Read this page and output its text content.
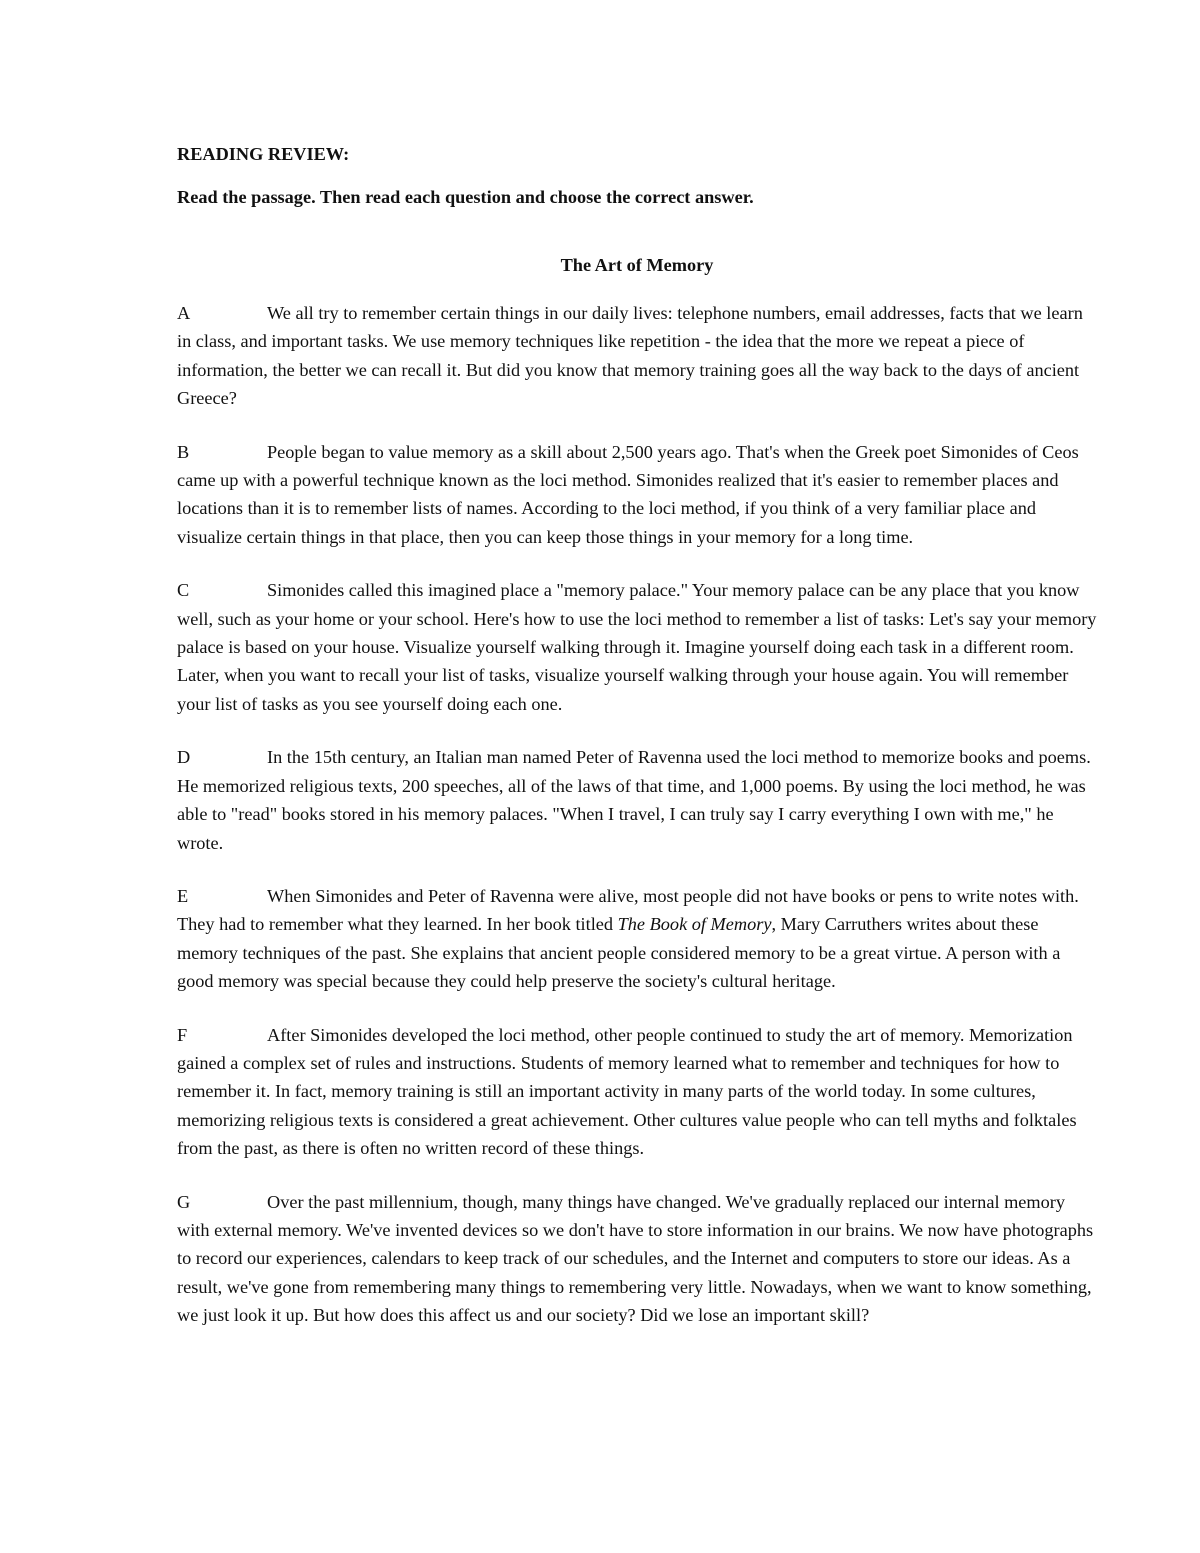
READING REVIEW:

Read the passage. Then read each question and choose the correct answer.

The Art of Memory

A	We all try to remember certain things in our daily lives: telephone numbers, email addresses, facts that we learn in class, and important tasks. We use memory techniques like repetition - the idea that the more we repeat a piece of information, the better we can recall it. But did you know that memory training goes all the way back to the days of ancient Greece?

B	People began to value memory as a skill about 2,500 years ago. That's when the Greek poet Simonides of Ceos came up with a powerful technique known as the loci method. Simonides realized that it's easier to remember places and locations than it is to remember lists of names. According to the loci method, if you think of a very familiar place and visualize certain things in that place, then you can keep those things in your memory for a long time.

C	Simonides called this imagined place a "memory palace." Your memory palace can be any place that you know well, such as your home or your school. Here's how to use the loci method to remember a list of tasks: Let's say your memory palace is based on your house. Visualize yourself walking through it. Imagine yourself doing each task in a different room. Later, when you want to recall your list of tasks, visualize yourself walking through your house again. You will remember your list of tasks as you see yourself doing each one.

D	In the 15th century, an Italian man named Peter of Ravenna used the loci method to memorize books and poems. He memorized religious texts, 200 speeches, all of the laws of that time, and 1,000 poems. By using the loci method, he was able to "read" books stored in his memory palaces. "When I travel, I can truly say I carry everything I own with me," he wrote.

E	When Simonides and Peter of Ravenna were alive, most people did not have books or pens to write notes with. They had to remember what they learned. In her book titled The Book of Memory, Mary Carruthers writes about these memory techniques of the past. She explains that ancient people considered memory to be a great virtue. A person with a good memory was special because they could help preserve the society's cultural heritage.

F	After Simonides developed the loci method, other people continued to study the art of memory. Memorization gained a complex set of rules and instructions. Students of memory learned what to remember and techniques for how to remember it. In fact, memory training is still an important activity in many parts of the world today. In some cultures, memorizing religious texts is considered a great achievement. Other cultures value people who can tell myths and folktales from the past, as there is often no written record of these things.

G	Over the past millennium, though, many things have changed. We've gradually replaced our internal memory with external memory. We've invented devices so we don't have to store information in our brains. We now have photographs to record our experiences, calendars to keep track of our schedules, and the Internet and computers to store our ideas. As a result, we've gone from remembering many things to remembering very little. Nowadays, when we want to know something, we just look it up. But how does this affect us and our society? Did we lose an important skill?
